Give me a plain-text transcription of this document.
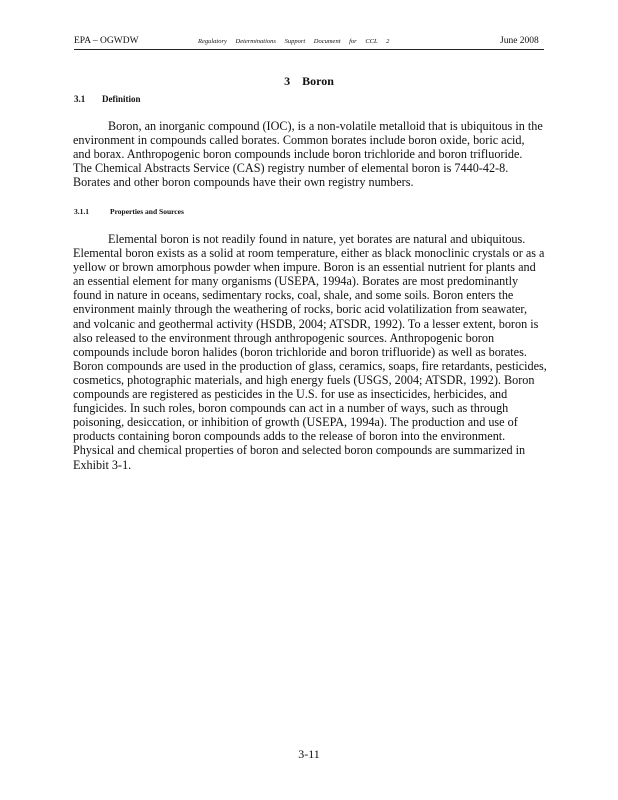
EPA – OGWDW	Regulatory Determinations Support Document for CCL 2	June 2008
3 Boron
3.1 Definition
Boron, an inorganic compound (IOC), is a non-volatile metalloid that is ubiquitous in the
environment in compounds called borates. Common borates include boron oxide, boric acid,
and borax. Anthropogenic boron compounds include boron trichloride and boron trifluoride.
The Chemical Abstracts Service (CAS) registry number of elemental boron is 7440-42-8.
Borates and other boron compounds have their own registry numbers.
3.1.1	Properties and Sources
Elemental boron is not readily found in nature, yet borates are natural and ubiquitous.
Elemental boron exists as a solid at room temperature, either as black monoclinic crystals or as a
yellow or brown amorphous powder when impure. Boron is an essential nutrient for plants and
an essential element for many organisms (USEPA, 1994a). Borates are most predominantly
found in nature in oceans, sedimentary rocks, coal, shale, and some soils. Boron enters the
environment mainly through the weathering of rocks, boric acid volatilization from seawater,
and volcanic and geothermal activity (HSDB, 2004; ATSDR, 1992). To a lesser extent, boron is
also released to the environment through anthropogenic sources. Anthropogenic boron
compounds include boron halides (boron trichloride and boron trifluoride) as well as borates.
Boron compounds are used in the production of glass, ceramics, soaps, fire retardants, pesticides,
cosmetics, photographic materials, and high energy fuels (USGS, 2004; ATSDR, 1992). Boron
compounds are registered as pesticides in the U.S. for use as insecticides, herbicides, and
fungicides. In such roles, boron compounds can act in a number of ways, such as through
poisoning, desiccation, or inhibition of growth (USEPA, 1994a). The production and use of
products containing boron compounds adds to the release of boron into the environment.
Physical and chemical properties of boron and selected boron compounds are summarized in
Exhibit 3-1.
3-11
